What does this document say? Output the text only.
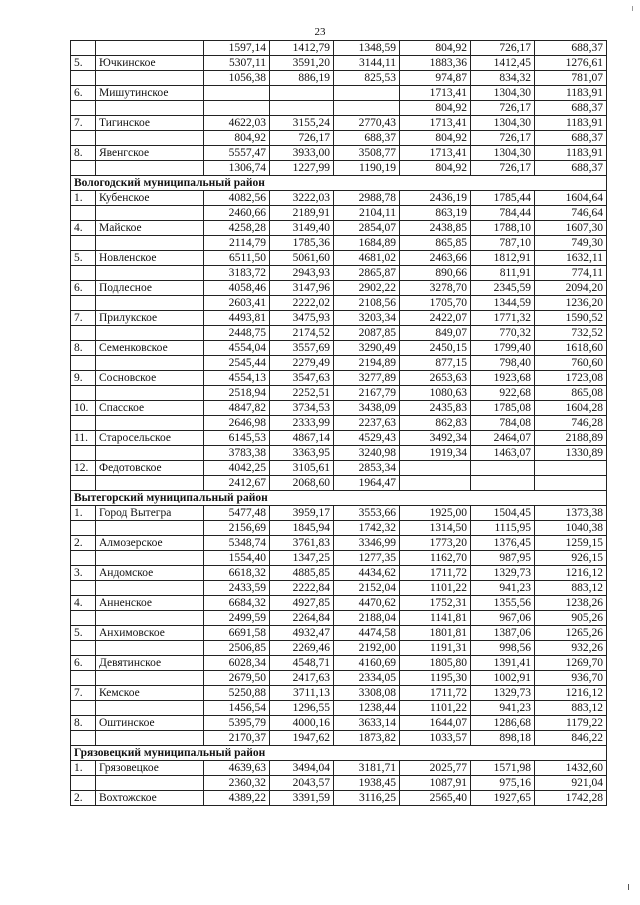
23
		1597,14	1412,79	1348,59	804,92	726,17	688,37
5.	Ючкинское	5307,11	3591,20	3144,11	1883,36	1412,45	1276,61
		1056,38	886,19	825,53	974,87	834,32	781,07
6.	Мишутинское				1713,41	1304,30	1183,91
					804,92	726,17	688,37
7.	Тигинское	4622,03	3155,24	2770,43	1713,41	1304,30	1183,91
		804,92	726,17	688,37	804,92	726,17	688,37
8.	Явенгское	5557,47	3933,00	3508,77	1713,41	1304,30	1183,91
		1306,74	1227,99	1190,19	804,92	726,17	688,37
Вологодский муниципальный район							
1.	Кубенское	4082,56	3222,03	2988,78	2436,19	1785,44	1604,64
		2460,66	2189,91	2104,11	863,19	784,44	746,64
4.	Майское	4258,28	3149,40	2854,07	2438,85	1788,10	1607,30
		2114,79	1785,36	1684,89	865,85	787,10	749,30
5.	Новленское	6511,50	5061,60	4681,02	2463,66	1812,91	1632,11
		3183,72	2943,93	2865,87	890,66	811,91	774,11
6.	Подлесное	4058,46	3147,96	2902,22	3278,70	2345,59	2094,20
		2603,41	2222,02	2108,56	1705,70	1344,59	1236,20
7.	Прилукское	4493,81	3475,93	3203,34	2422,07	1771,32	1590,52
		2448,75	2174,52	2087,85	849,07	770,32	732,52
8.	Семенковское	4554,04	3557,69	3290,49	2450,15	1799,40	1618,60
		2545,44	2279,49	2194,89	877,15	798,40	760,60
9.	Сосновское	4554,13	3547,63	3277,89	2653,63	1923,68	1723,08
		2518,94	2252,51	2167,79	1080,63	922,68	865,08
10.	Спасское	4847,82	3734,53	3438,09	2435,83	1785,08	1604,28
		2646,98	2333,99	2237,63	862,83	784,08	746,28
11.	Старосельское	6145,53	4867,14	4529,43	3492,34	2464,07	2188,89
		3783,38	3363,95	3240,98	1919,34	1463,07	1330,89
12.	Федотовское	4042,25	3105,61	2853,34			
		2412,67	2068,60	1964,47			
Вытегорский муниципальный район							
1.	Город Вытегра	5477,48	3959,17	3553,66	1925,00	1504,45	1373,38
		2156,69	1845,94	1742,32	1314,50	1115,95	1040,38
2.	Алмозерское	5348,74	3761,83	3346,99	1773,20	1376,45	1259,15
		1554,40	1347,25	1277,35	1162,70	987,95	926,15
3.	Андомское	6618,32	4885,85	4434,62	1711,72	1329,73	1216,12
		2433,59	2222,84	2152,04	1101,22	941,23	883,12
4.	Анненское	6684,32	4927,85	4470,62	1752,31	1355,56	1238,26
		2499,59	2264,84	2188,04	1141,81	967,06	905,26
5.	Анхимовское	6691,58	4932,47	4474,58	1801,81	1387,06	1265,26
		2506,85	2269,46	2192,00	1191,31	998,56	932,26
6.	Девятинское	6028,34	4548,71	4160,69	1805,80	1391,41	1269,70
		2679,50	2417,63	2334,05	1195,30	1002,91	936,70
7.	Кемское	5250,88	3711,13	3308,08	1711,72	1329,73	1216,12
		1456,54	1296,55	1238,44	1101,22	941,23	883,12
8.	Оштинское	5395,79	4000,16	3633,14	1644,07	1286,68	1179,22
		2170,37	1947,62	1873,82	1033,57	898,18	846,22
Грязовецкий муниципальный район							
1.	Грязовецкое	4639,63	3494,04	3181,71	2025,77	1571,98	1432,60
		2360,32	2043,57	1938,45	1087,91	975,16	921,04
2.	Вохтожское	4389,22	3391,59	3116,25	2565,40	1927,65	1742,28
